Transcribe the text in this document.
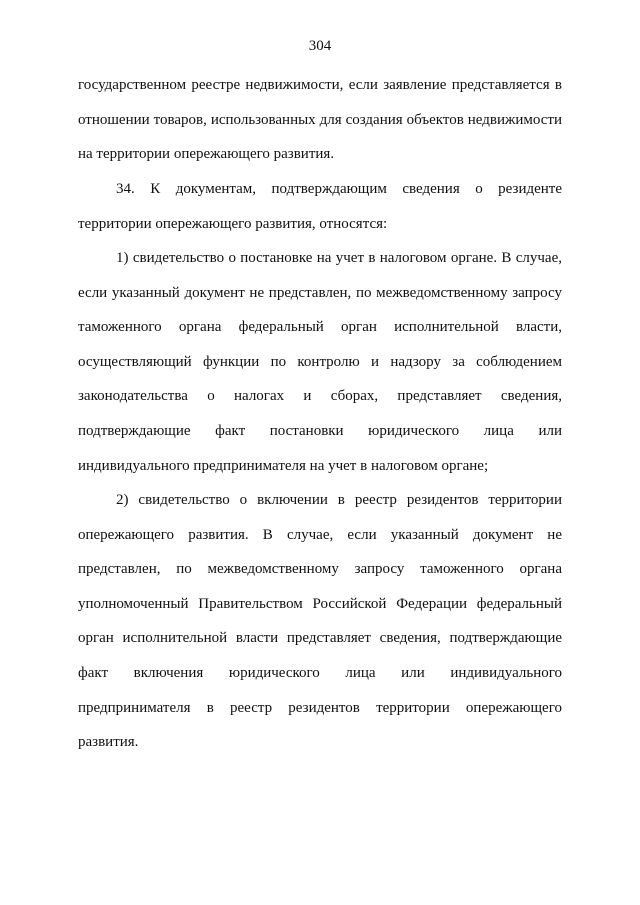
304

государственном реестре недвижимости, если заявление представляется в отношении товаров, использованных для создания объектов недвижимости на территории опережающего развития.

34. К документам, подтверждающим сведения о резиденте территории опережающего развития, относятся:

1) свидетельство о постановке на учет в налоговом органе. В случае, если указанный документ не представлен, по межведомственному запросу таможенного органа федеральный орган исполнительной власти, осуществляющий функции по контролю и надзору за соблюдением законодательства о налогах и сборах, представляет сведения, подтверждающие факт постановки юридического лица или индивидуального предпринимателя на учет в налоговом органе;

2) свидетельство о включении в реестр резидентов территории опережающего развития. В случае, если указанный документ не представлен, по межведомственному запросу таможенного органа уполномоченный Правительством Российской Федерации федеральный орган исполнительной власти представляет сведения, подтверждающие факт включения юридического лица или индивидуального предпринимателя в реестр резидентов территории опережающего развития.
